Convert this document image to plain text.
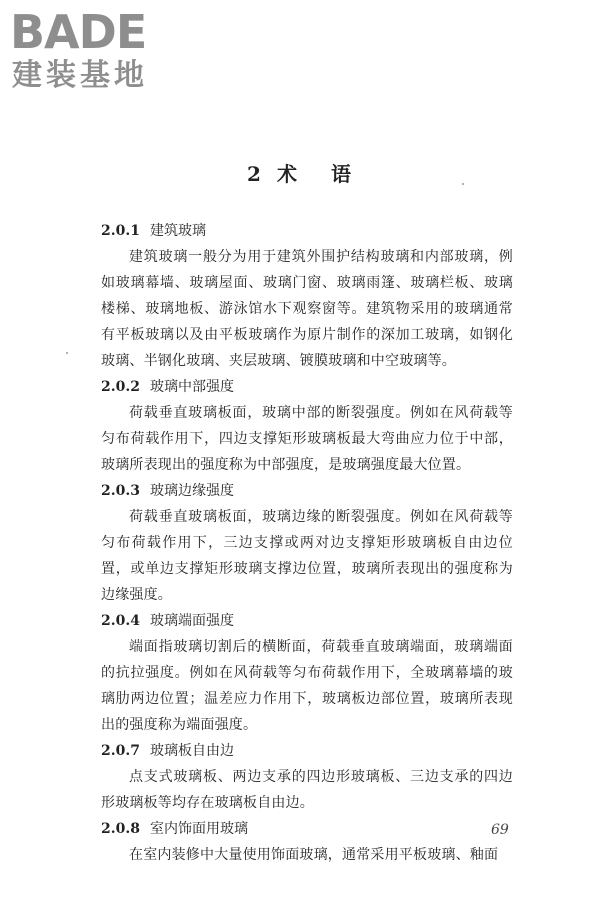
BADE
建装基地
2 术 语
2.0.1 建筑玻璃
建筑玻璃一般分为用于建筑外围护结构玻璃和内部玻璃，例
如玻璃幕墙、玻璃屋面、玻璃门窗、玻璃雨篷、玻璃栏板、玻璃
楼梯、玻璃地板、游泳馆水下观察窗等。建筑物采用的玻璃通常
有平板玻璃以及由平板玻璃作为原片制作的深加工玻璃，如钢化
玻璃、半钢化玻璃、夹层玻璃、镀膜玻璃和中空玻璃等。
2.0.2 玻璃中部强度
荷载垂直玻璃板面，玻璃中部的断裂强度。例如在风荷载等
匀布荷载作用下，四边支撑矩形玻璃板最大弯曲应力位于中部，
玻璃所表现出的强度称为中部强度，是玻璃强度最大位置。
2.0.3 玻璃边缘强度
荷载垂直玻璃板面，玻璃边缘的断裂强度。例如在风荷载等
匀布荷载作用下，三边支撑或两对边支撑矩形玻璃板自由边位
置，或单边支撑矩形玻璃支撑边位置，玻璃所表现出的强度称为
边缘强度。
2.0.4 玻璃端面强度
端面指玻璃切割后的横断面，荷载垂直玻璃端面，玻璃端面
的抗拉强度。例如在风荷载等匀布荷载作用下，全玻璃幕墙的玻
璃肋两边位置；温差应力作用下，玻璃板边部位置，玻璃所表现
出的强度称为端面强度。
2.0.7 玻璃板自由边
点支式玻璃板、两边支承的四边形玻璃板、三边支承的四边
形玻璃板等均存在玻璃板自由边。
2.0.8 室内饰面用玻璃
在室内装修中大量使用饰面玻璃，通常采用平板玻璃、釉面
69
